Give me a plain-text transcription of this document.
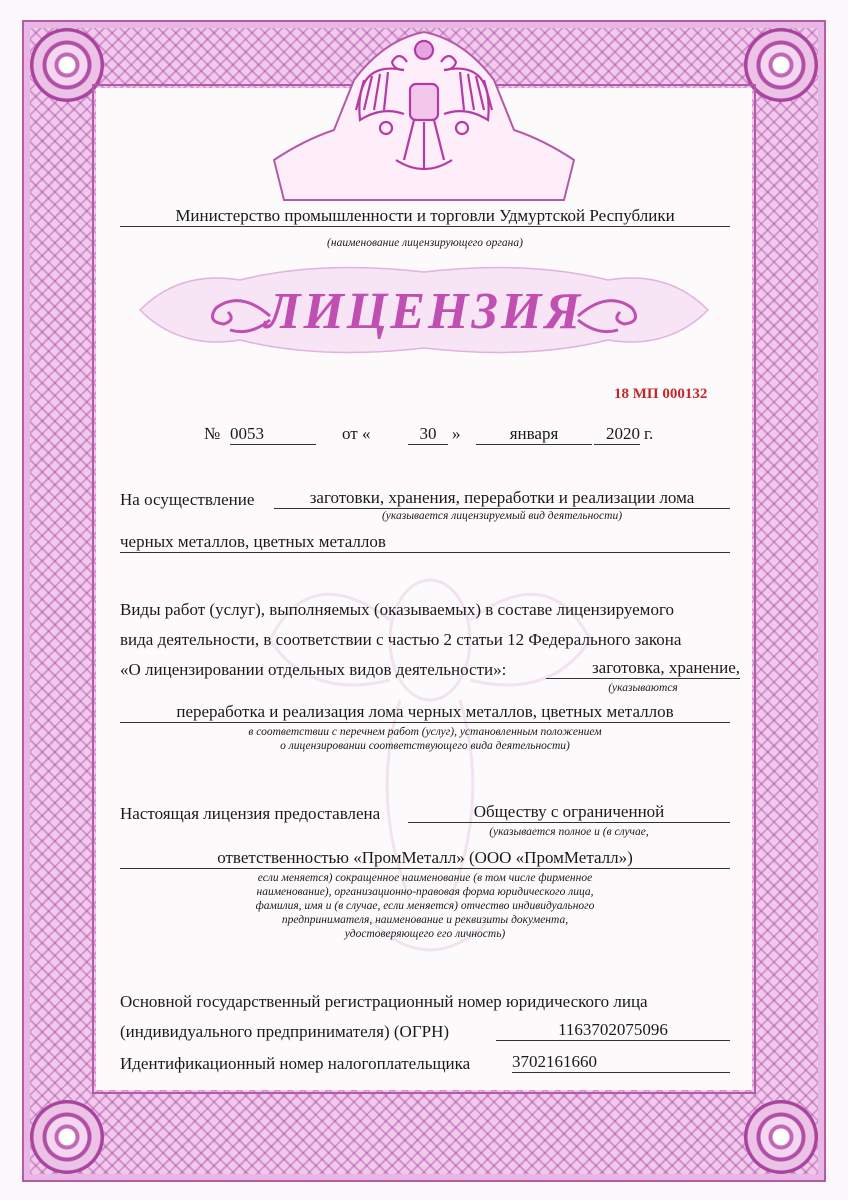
Министерство промышленности и торговли Удмуртской Республики
(наименование лицензирующего органа)
ЛИЦЕНЗИЯ
18 МП 000132
№ 0053	от «	30 »	января	2020 г.
На осуществление	заготовки, хранения, переработки и реализации лома
(указывается лицензируемый вид деятельности)
черных металлов, цветных металлов
Виды работ (услуг), выполняемых (оказываемых) в составе лицензируемого
вида деятельности, в соответствии с частью 2 статьи 12 Федерального закона
«О лицензировании отдельных видов деятельности»:	заготовка, хранение,
(указываются
переработка и реализация лома черных металлов, цветных металлов
в соответствии с перечнем работ (услуг), установленным положением
о лицензировании соответствующего вида деятельности)
Настоящая лицензия предоставлена	Обществу с ограниченной
(указывается полное и (в случае,
ответственностью «ПромМеталл» (ООО «ПромМеталл»)
если меняется) сокращенное наименование (в том числе фирменное
наименование), организационно-правовая форма юридического лица,
фамилия, имя и (в случае, если меняется) отчество индивидуального
предпринимателя, наименование и реквизиты документа,
удостоверяющего его личность)
Основной государственный регистрационный номер юридического лица
(индивидуального предпринимателя) (ОГРН)	1163702075096
Идентификационный номер налогоплательщика 3702161660
